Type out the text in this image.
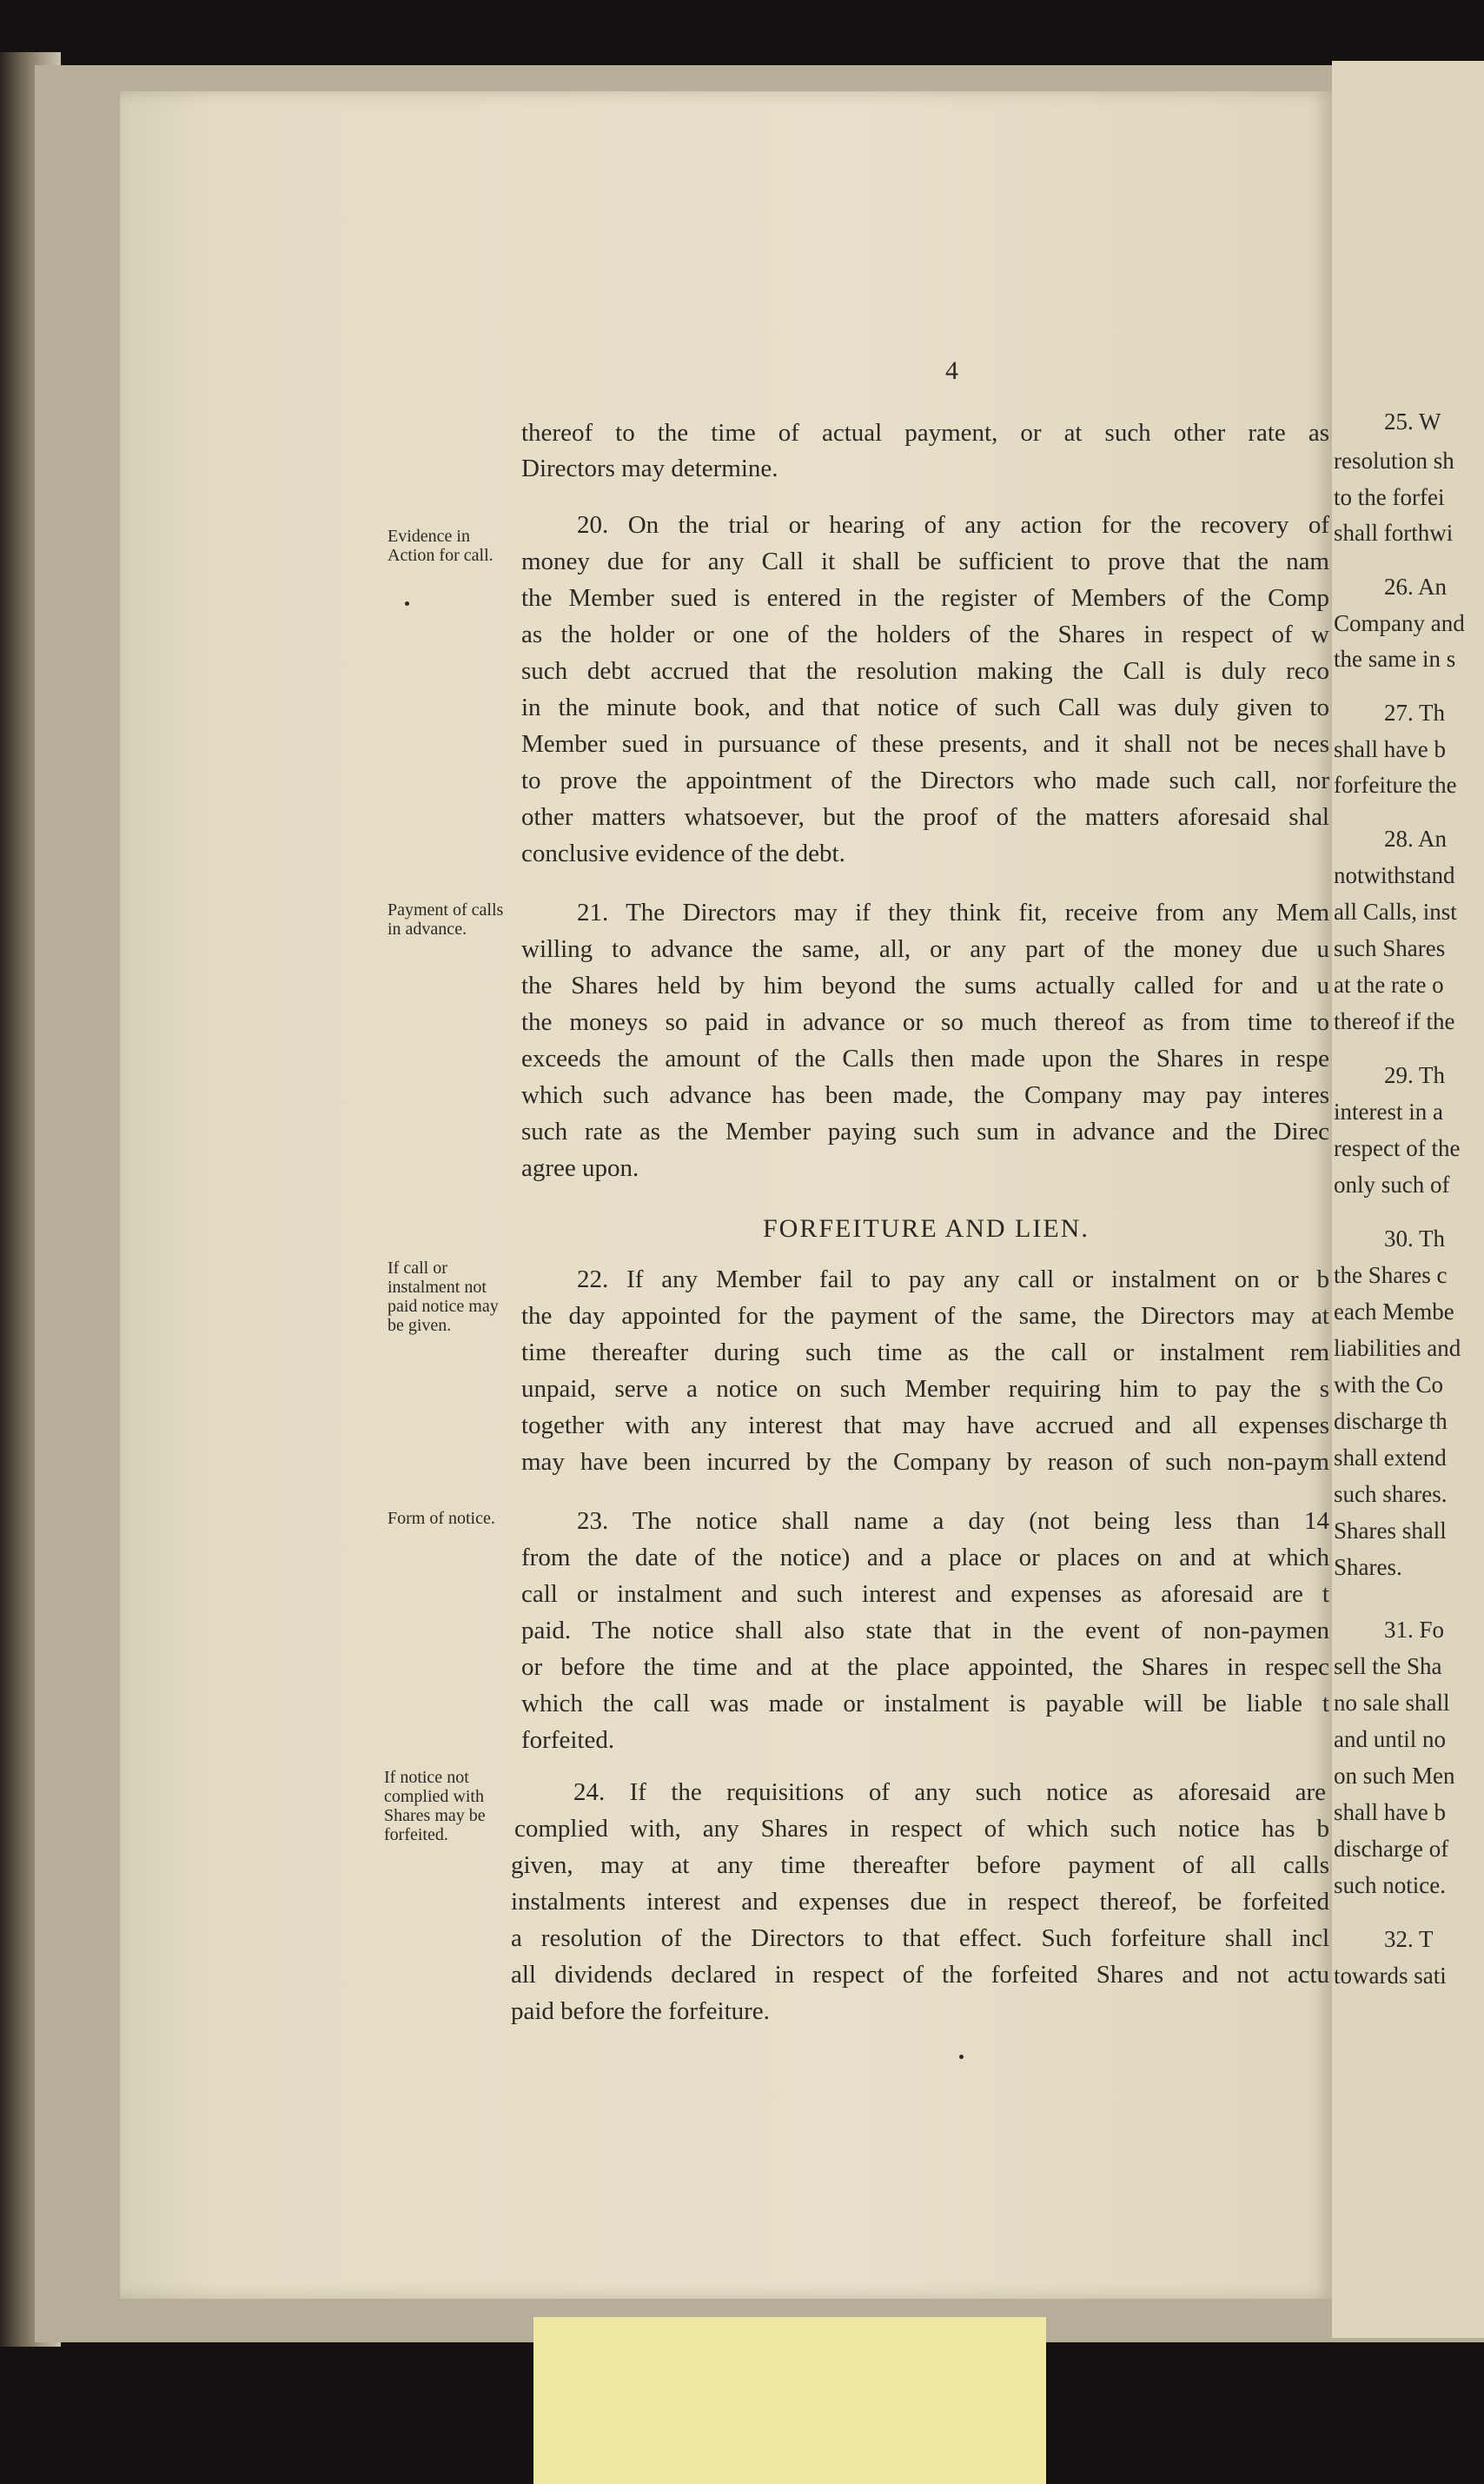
25. W
resolution sh
to the forfei
shall forthwi
26. An
Company and
the same in s
27. Th
shall have b
forfeiture the
28. An
notwithstand
all Calls, inst
such Shares
at the rate o
thereof if the
29. Th
interest in a
respect of the
only such of
30. Th
the Shares c
each Membe
liabilities and
with the Co
discharge th
shall extend
such shares.
Shares shall
Shares.
31. Fo
sell the Sha
no sale shall
and until no
on such Men
shall have b
discharge of
such notice.
32. T
towards sati
4
Evidence in Action for call.
Payment of calls in advance.
If call or instalment not paid notice may be given.
Form of notice.
If notice not complied with Shares may be forfeited.
thereof to the time of actual payment, or at such other rate as
Directors may determine.
20. On the trial or hearing of any action for the recovery of
money due for any Call it shall be sufficient to prove that the nam
the Member sued is entered in the register of Members of the Comp
as the holder or one of the holders of the Shares in respect of w
such debt accrued that the resolution making the Call is duly reco
in the minute book, and that notice of such Call was duly given to
Member sued in pursuance of these presents, and it shall not be neces
to prove the appointment of the Directors who made such call, nor
other matters whatsoever, but the proof of the matters aforesaid shal
conclusive evidence of the debt.
21. The Directors may if they think fit, receive from any Mem
willing to advance the same, all, or any part of the money due u
the Shares held by him beyond the sums actually called for and u
the moneys so paid in advance or so much thereof as from time to
exceeds the amount of the Calls then made upon the Shares in respe
which such advance has been made, the Company may pay interes
such rate as the Member paying such sum in advance and the Direc
agree upon.
FORFEITURE AND LIEN.
22. If any Member fail to pay any call or instalment on or b
the day appointed for the payment of the same, the Directors may at
time thereafter during such time as the call or instalment rem
unpaid, serve a notice on such Member requiring him to pay the s
together with any interest that may have accrued and all expenses
may have been incurred by the Company by reason of such non-paym
23. The notice shall name a day (not being less than 14
from the date of the notice) and a place or places on and at which
call or instalment and such interest and expenses as aforesaid are t
paid. The notice shall also state that in the event of non-paymen
or before the time and at the place appointed, the Shares in respec
which the call was made or instalment is payable will be liable t
forfeited.
24. If the requisitions of any such notice as aforesaid are
complied with, any Shares in respect of which such notice has b
given, may at any time thereafter before payment of all calls
instalments interest and expenses due in respect thereof, be forfeited
a resolution of the Directors to that effect. Such forfeiture shall incl
all dividends declared in respect of the forfeited Shares and not actu
paid before the forfeiture.
